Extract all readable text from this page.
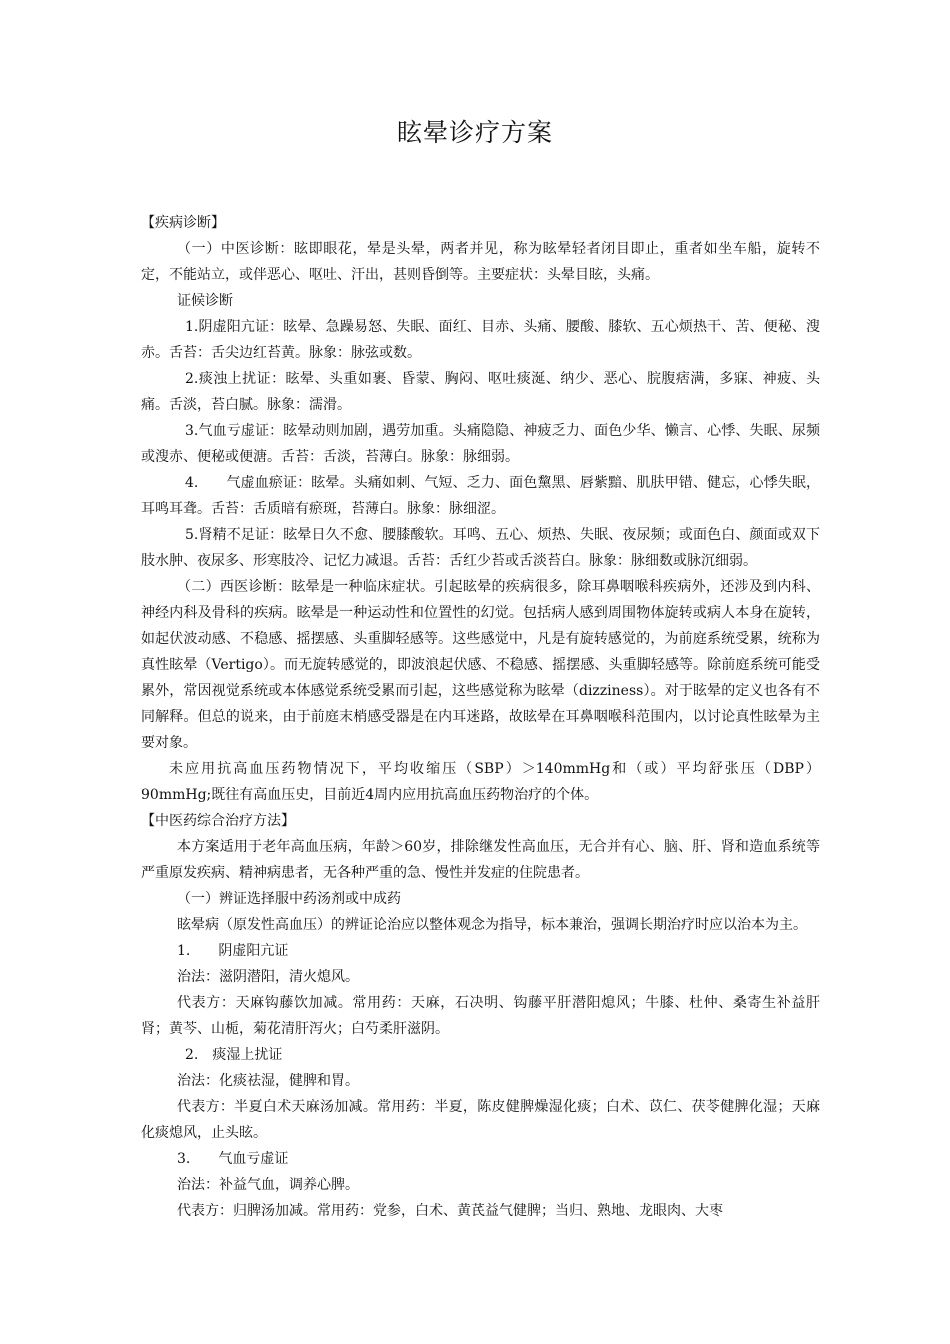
眩晕诊疗方案

【疾病诊断】

（一）中医诊断：眩即眼花，晕是头晕，两者并见，称为眩晕轻者闭目即止，重者如坐车船，旋转不定，不能站立，或伴恶心、呕吐、汗出，甚则昏倒等。主要症状：头晕目眩，头痛。

证候诊断

1.阴虚阳亢证：眩晕、急躁易怒、失眠、面红、目赤、头痛、腰酸、膝软、五心烦热干、苦、便秘、溲赤。舌苔：舌尖边红苔黄。脉象：脉弦或数。

2.痰浊上扰证：眩晕、头重如裹、昏蒙、胸闷、呕吐痰涎、纳少、恶心、脘腹痞满，多寐、神疲、头痛。舌淡，苔白腻。脉象：濡滑。

3.气血亏虚证：眩晕动则加剧，遇劳加重。头痛隐隐、神疲乏力、面色少华、懒言、心悸、失眠、尿频或溲赤、便秘或便溏。舌苔：舌淡，苔薄白。脉象：脉细弱。

4. 气虚血瘀证：眩晕。头痛如刺、气短、乏力、面色黧黑、唇紫黯、肌肤甲错、健忘，心悸失眠，耳鸣耳聋。舌苔：舌质暗有瘀斑，苔薄白。脉象：脉细涩。

5.肾精不足证：眩晕日久不愈、腰膝酸软。耳鸣、五心、烦热、失眠、夜尿频；或面色白、颜面或双下肢水肿、夜尿多、形寒肢冷、记忆力减退。舌苔：舌红少苔或舌淡苔白。脉象：脉细数或脉沉细弱。

（二）西医诊断：眩晕是一种临床症状。引起眩晕的疾病很多，除耳鼻咽喉科疾病外，还涉及到内科、神经内科及骨科的疾病。眩晕是一种运动性和位置性的幻觉。包括病人感到周围物体旋转或病人本身在旋转，如起伏波动感、不稳感、摇摆感、头重脚轻感等。这些感觉中，凡是有旋转感觉的，为前庭系统受累，统称为真性眩晕（Vertigo）。而无旋转感觉的，即波浪起伏感、不稳感、摇摆感、头重脚轻感等。除前庭系统可能受累外，常因视觉系统或本体感觉系统受累而引起，这些感觉称为眩晕（dizziness）。对于眩晕的定义也各有不同解释。但总的说来，由于前庭末梢感受器是在内耳迷路，故眩晕在耳鼻咽喉科范围内，以讨论真性眩晕为主要对象。

未应用抗高血压药物情况下，平均收缩压（SBP）＞140mmHg和（或）平均舒张压（DBP）90mmHg;既往有高血压史，目前近4周内应用抗高血压药物治疗的个体。

【中医药综合治疗方法】

本方案适用于老年高血压病，年龄＞60岁，排除继发性高血压，无合并有心、脑、肝、肾和造血系统等严重原发疾病、精神病患者，无各种严重的急、慢性并发症的住院患者。

（一）辨证选择服中药汤剂或中成药

眩晕病（原发性高血压）的辨证论治应以整体观念为指导，标本兼治，强调长期治疗时应以治本为主。

1. 阴虚阳亢证

治法：滋阴潜阳，清火熄风。

代表方：天麻钩藤饮加减。常用药：天麻，石决明、钩藤平肝潜阳熄风；牛膝、杜仲、桑寄生补益肝肾；黄芩、山栀，菊花清肝泻火；白芍柔肝滋阴。

2.　痰湿上扰证

治法：化痰祛湿，健脾和胃。

代表方：半夏白术天麻汤加减。常用药：半夏，陈皮健脾燥湿化痰；白术、苡仁、茯苓健脾化湿；天麻化痰熄风，止头眩。

3. 气血亏虚证

治法：补益气血，调养心脾。

代表方：归脾汤加减。常用药：党参，白术、黄芪益气健脾；当归、熟地、龙眼肉、大枣
